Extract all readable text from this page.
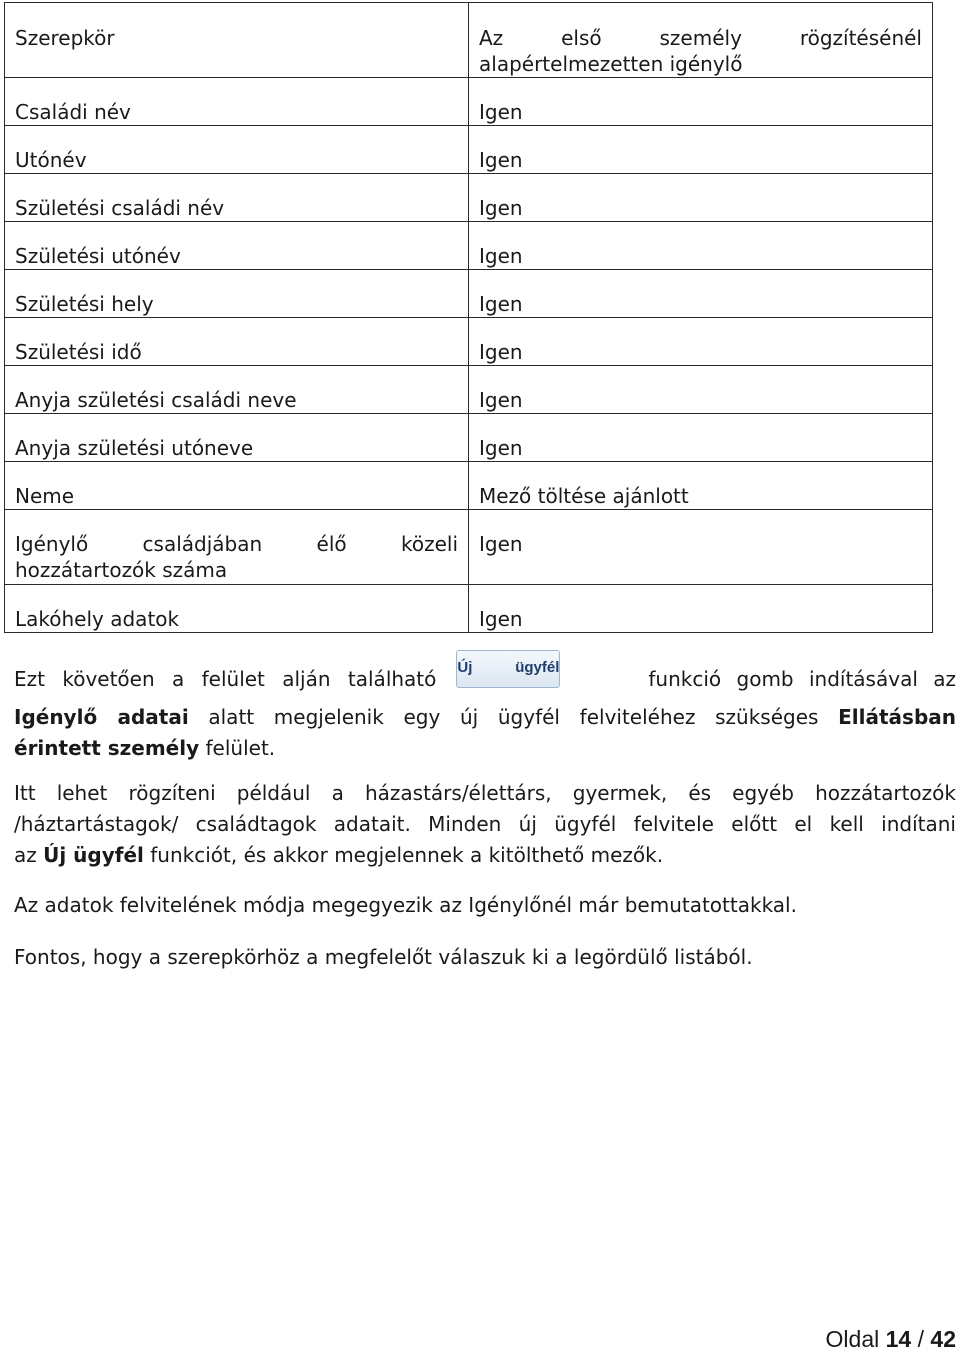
Szerepkör	Az első személy rögzítésénél
alapértelmezetten igénylő

Családi név	Igen
Utónév	Igen
Születési családi név	Igen
Születési utónév	Igen
Születési hely	Igen
Születési idő	Igen
Anyja születési családi neve	Igen
Anyja születési utóneve	Igen
Neme	Mező töltése ajánlott

Igénylő családjában élő közeli
hozzátartozók száma	Igen
Lakóhely adatok	Igen
Ezt követően a felület alján található Új ügyfél	funkció gomb indításával az
Igénylő adatai alatt megjelenik egy új ügyfél felviteléhez szükséges Ellátásban
érintett személy felület.
Itt lehet rögzíteni például a házastárs/élettárs, gyermek, és egyéb hozzátartozók
/háztartástagok/ családtagok adatait. Minden új ügyfél felvitele előtt el kell indítani
az Új ügyfél funkciót, és akkor megjelennek a kitölthető mezők.
Az adatok felvitelének módja megegyezik az Igénylőnél már bemutatottakkal.
Fontos, hogy a szerepkörhöz a megfelelőt válaszuk ki a legördülő listából.
Oldal 14 / 42
